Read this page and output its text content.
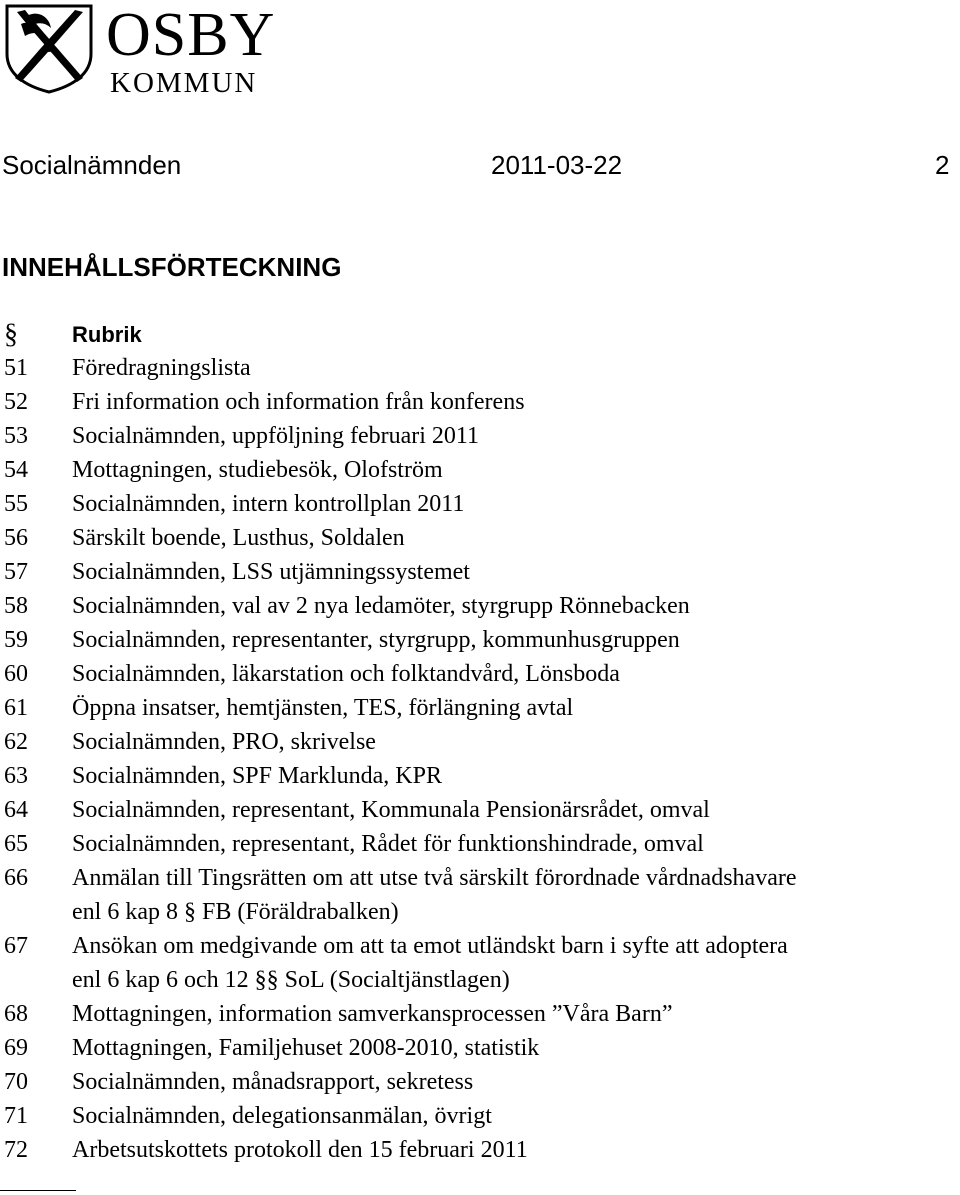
OSBY
KOMMUN
Socialnämnden	2011-03-22	2
INNEHÅLLSFÖRTECKNING
§ Rubrik
51 Föredragningslista
52 Fri information och information från konferens
53 Socialnämnden, uppföljning februari 2011
54 Mottagningen, studiebesök, Olofström
55 Socialnämnden, intern kontrollplan 2011
56 Särskilt boende, Lusthus, Soldalen
57 Socialnämnden, LSS utjämningssystemet
58 Socialnämnden, val av 2 nya ledamöter, styrgrupp Rönnebacken
59 Socialnämnden, representanter, styrgrupp, kommunhusgruppen
60 Socialnämnden, läkarstation och folktandvård, Lönsboda
61 Öppna insatser, hemtjänsten, TES, förlängning avtal
62 Socialnämnden, PRO, skrivelse
63 Socialnämnden, SPF Marklunda, KPR
64 Socialnämnden, representant, Kommunala Pensionärsrådet, omval
65 Socialnämnden, representant, Rådet för funktionshindrade, omval
66 Anmälan till Tingsrätten om att utse två särskilt förordnade vårdnadshavare
enl 6 kap 8 § FB (Föräldrabalken)
67 Ansökan om medgivande om att ta emot utländskt barn i syfte att adoptera
enl 6 kap 6 och 12 §§ SoL (Socialtjänstlagen)
68 Mottagningen, information samverkansprocessen ”Våra Barn”
69 Mottagningen, Familjehuset 2008-2010, statistik
70 Socialnämnden, månadsrapport, sekretess
71 Socialnämnden, delegationsanmälan, övrigt
72 Arbetsutskottets protokoll den 15 februari 2011
